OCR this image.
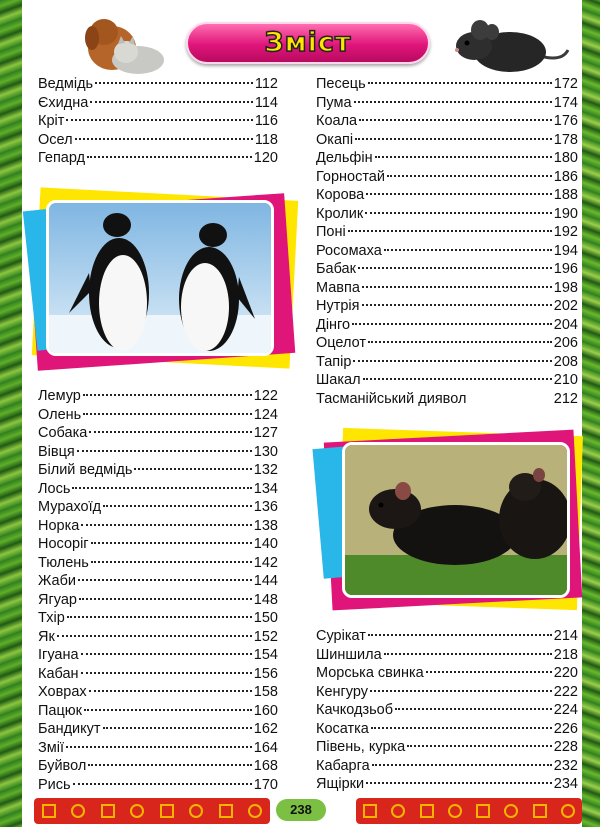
Зміст
Ведмідь	112
Єхидна	114
Кріт	116
Осел	118
Гепард	120
Лемур	122
Олень	124
Собака	127
Вівця	130
Білий ведмідь	132
Лось	134
Мурахоїд	136
Норка	138
Носоріг	140
Тюлень	142
Жаби	144
Ягуар	148
Тхір	150
Як	152
Ігуана	154
Кабан	156
Ховрах	158
Пацюк	160
Бандикут	162
Змії	164
Буйвол	168
Рись	170
Песець	172
Пума	174
Коала	176
Окапі	178
Дельфін	180
Горностай	186
Корова	188
Кролик	190
Поні	192
Росомаха	194
Бабак	196
Мавпа	198
Нутрія	202
Дінго	204
Оцелот	206
Тапір	208
Шакал	210
Тасманійський диявол	212
Сурікат	214
Шиншила	218
Морська свинка	220
Кенгуру	222
Качкодзьоб	224
Косатка	226
Півень, курка	228
Кабарга	232
Ящірки	234
238
